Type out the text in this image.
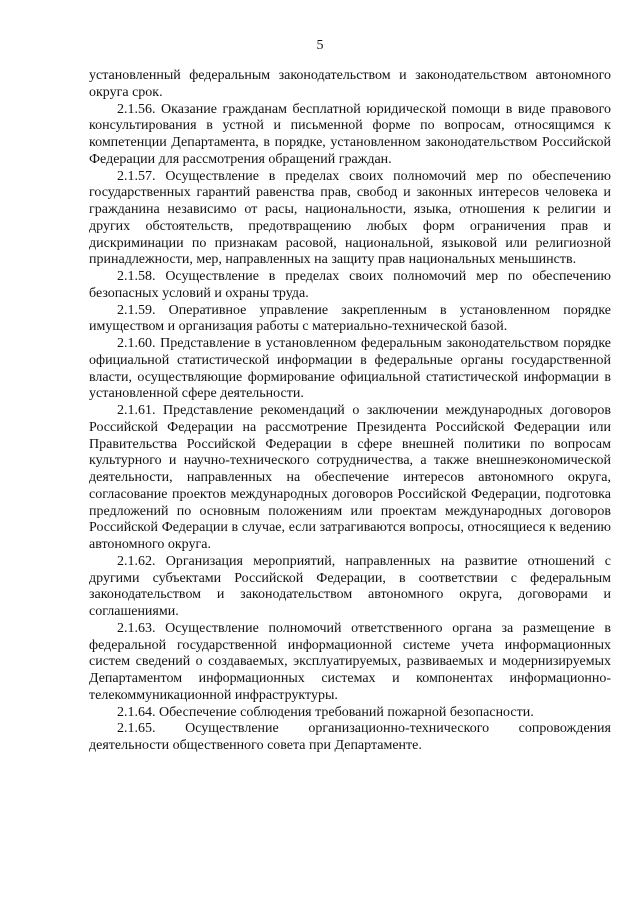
5

установленный федеральным законодательством и законодательством автономного округа срок.

2.1.56. Оказание гражданам бесплатной юридической помощи в виде правового консультирования в устной и письменной форме по вопросам, относящимся к компетенции Департамента, в порядке, установленном законодательством Российской Федерации для рассмотрения обращений граждан.

2.1.57. Осуществление в пределах своих полномочий мер по обеспечению государственных гарантий равенства прав, свобод и законных интересов человека и гражданина независимо от расы, национальности, языка, отношения к религии и других обстоятельств, предотвращению любых форм ограничения прав и дискриминации по признакам расовой, национальной, языковой или религиозной принадлежности, мер, направленных на защиту прав национальных меньшинств.

2.1.58. Осуществление в пределах своих полномочий мер по обеспечению безопасных условий и охраны труда.

2.1.59. Оперативное управление закрепленным в установленном порядке имуществом и организация работы с материально-технической базой.

2.1.60. Представление в установленном федеральным законодательством порядке официальной статистической информации в федеральные органы государственной власти, осуществляющие формирование официальной статистической информации в установленной сфере деятельности.

2.1.61. Представление рекомендаций о заключении международных договоров Российской Федерации на рассмотрение Президента Российской Федерации или Правительства Российской Федерации в сфере внешней политики по вопросам культурного и научно-технического сотрудничества, а также внешнеэкономической деятельности, направленных на обеспечение интересов автономного округа, согласование проектов международных договоров Российской Федерации, подготовка предложений по основным положениям или проектам международных договоров Российской Федерации в случае, если затрагиваются вопросы, относящиеся к ведению автономного округа.

2.1.62. Организация мероприятий, направленных на развитие отношений с другими субъектами Российской Федерации, в соответствии с федеральным законодательством и законодательством автономного округа, договорами и соглашениями.

2.1.63. Осуществление полномочий ответственного органа за размещение в федеральной государственной информационной системе учета информационных систем сведений о создаваемых, эксплуатируемых, развиваемых и модернизируемых Департаментом информационных системах и компонентах информационно-телекоммуникационной инфраструктуры.

2.1.64. Обеспечение соблюдения требований пожарной безопасности.

2.1.65. Осуществление организационно-технического сопровождения деятельности общественного совета при Департаменте.
